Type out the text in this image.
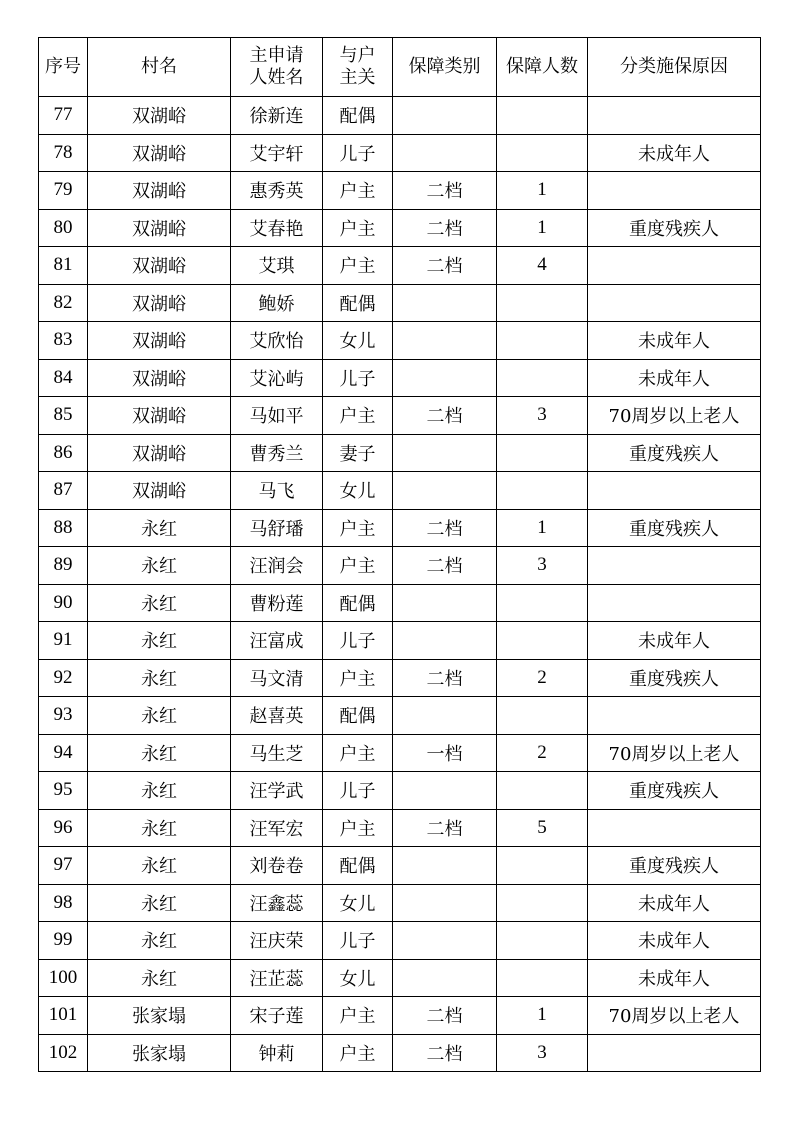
序号	村名	主申请人姓名	与户主关	保障类别	保障人数	分类施保原因
77	双湖峪	徐新连	配偶			
78	双湖峪	艾宇轩	儿子			未成年人
79	双湖峪	惠秀英	户主	二档	1	
80	双湖峪	艾春艳	户主	二档	1	重度残疾人
81	双湖峪	艾琪	户主	二档	4	
82	双湖峪	鲍娇	配偶			
83	双湖峪	艾欣怡	女儿			未成年人
84	双湖峪	艾沁屿	儿子			未成年人
85	双湖峪	马如平	户主	二档	3	70周岁以上老人
86	双湖峪	曹秀兰	妻子			重度残疾人
87	双湖峪	马飞	女儿			
88	永红	马舒璠	户主	二档	1	重度残疾人
89	永红	汪润会	户主	二档	3	
90	永红	曹粉莲	配偶			
91	永红	汪富成	儿子			未成年人
92	永红	马文清	户主	二档	2	重度残疾人
93	永红	赵喜英	配偶			
94	永红	马生芝	户主	一档	2	70周岁以上老人
95	永红	汪学武	儿子			重度残疾人
96	永红	汪军宏	户主	二档	5	
97	永红	刘卷卷	配偶			重度残疾人
98	永红	汪鑫蕊	女儿			未成年人
99	永红	汪庆荣	儿子			未成年人
100	永红	汪芷蕊	女儿			未成年人
101	张家塌	宋子莲	户主	二档	1	70周岁以上老人
102	张家塌	钟莉	户主	二档	3	
